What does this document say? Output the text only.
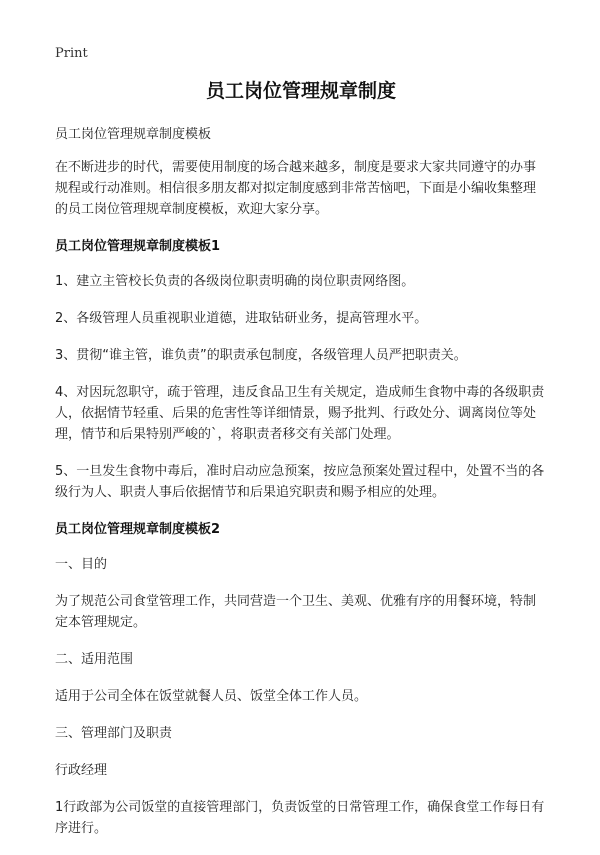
Print
员工岗位管理规章制度

员工岗位管理规章制度模板

在不断进步的时代，需要使用制度的场合越来越多，制度是要求大家共同遵守的办事规程或行动准则。相信很多朋友都对拟定制度感到非常苦恼吧，下面是小编收集整理的员工岗位管理规章制度模板，欢迎大家分享。

员工岗位管理规章制度模板1

1、建立主管校长负责的各级岗位职责明确的岗位职责网络图。

2、各级管理人员重视职业道德，进取钻研业务，提高管理水平。

3、贯彻“谁主管，谁负责”的职责承包制度，各级管理人员严把职责关。

4、对因玩忽职守，疏于管理，违反食品卫生有关规定，造成师生食物中毒的各级职责人，依据情节轻重、后果的危害性等详细情景，赐予批判、行政处分、调离岗位等处理，情节和后果特别严峻的`，将职责者移交有关部门处理。

5、一旦发生食物中毒后，准时启动应急预案，按应急预案处置过程中，处置不当的各级行为人、职责人事后依据情节和后果追究职责和赐予相应的处理。

员工岗位管理规章制度模板2

一、目的

为了规范公司食堂管理工作，共同营造一个卫生、美观、优雅有序的用餐环境，特制定本管理规定。

二、适用范围

适用于公司全体在饭堂就餐人员、饭堂全体工作人员。

三、管理部门及职责

行政经理

1行政部为公司饭堂的直接管理部门，负责饭堂的日常管理工作，确保食堂工作每日有序进行。
